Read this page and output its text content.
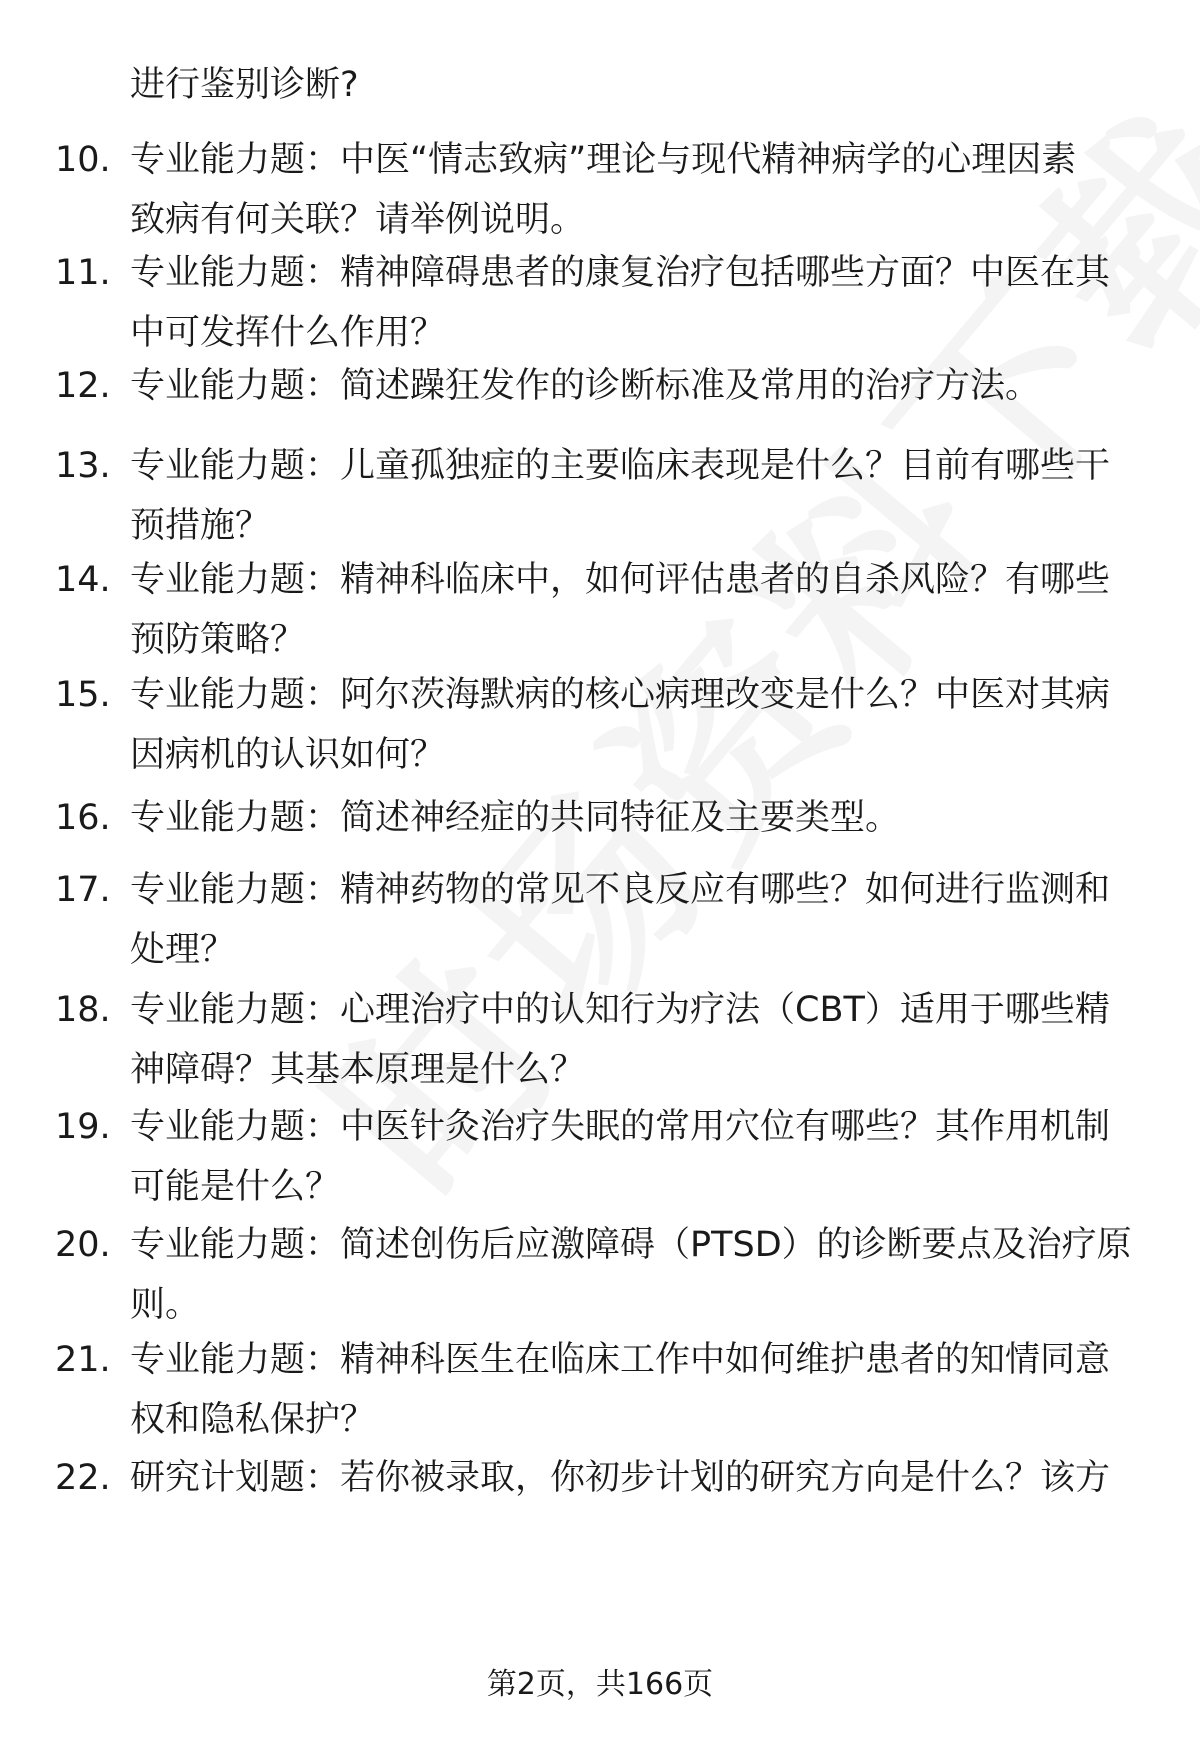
进行鉴别诊断?
10. 专业能力题：中医“情志致病”理论与现代精神病学的心理因素
致病有何关联？请举例说明。
11. 专业能力题：精神障碍患者的康复治疗包括哪些方面？中医在其
中可发挥什么作用？
12. 专业能力题：简述躁狂发作的诊断标准及常用的治疗方法。
13. 专业能力题：儿童孤独症的主要临床表现是什么？目前有哪些干
预措施？
14. 专业能力题：精神科临床中，如何评估患者的自杀风险？有哪些
预防策略？
15. 专业能力题：阿尔茨海默病的核心病理改变是什么？中医对其病
因病机的认识如何？
16. 专业能力题：简述神经症的共同特征及主要类型。
17. 专业能力题：精神药物的常见不良反应有哪些？如何进行监测和
处理？
18. 专业能力题：心理治疗中的认知行为疗法（CBT）适用于哪些精
神障碍？其基本原理是什么？
19. 专业能力题：中医针灸治疗失眠的常用穴位有哪些？其作用机制
可能是什么？
20. 专业能力题：简述创伤后应激障碍（PTSD）的诊断要点及治疗原
则。
21. 专业能力题：精神科医生在临床工作中如何维护患者的知情同意
权和隐私保护？
22. 研究计划题：若你被录取，你初步计划的研究方向是什么？该方
第2页，共166页
